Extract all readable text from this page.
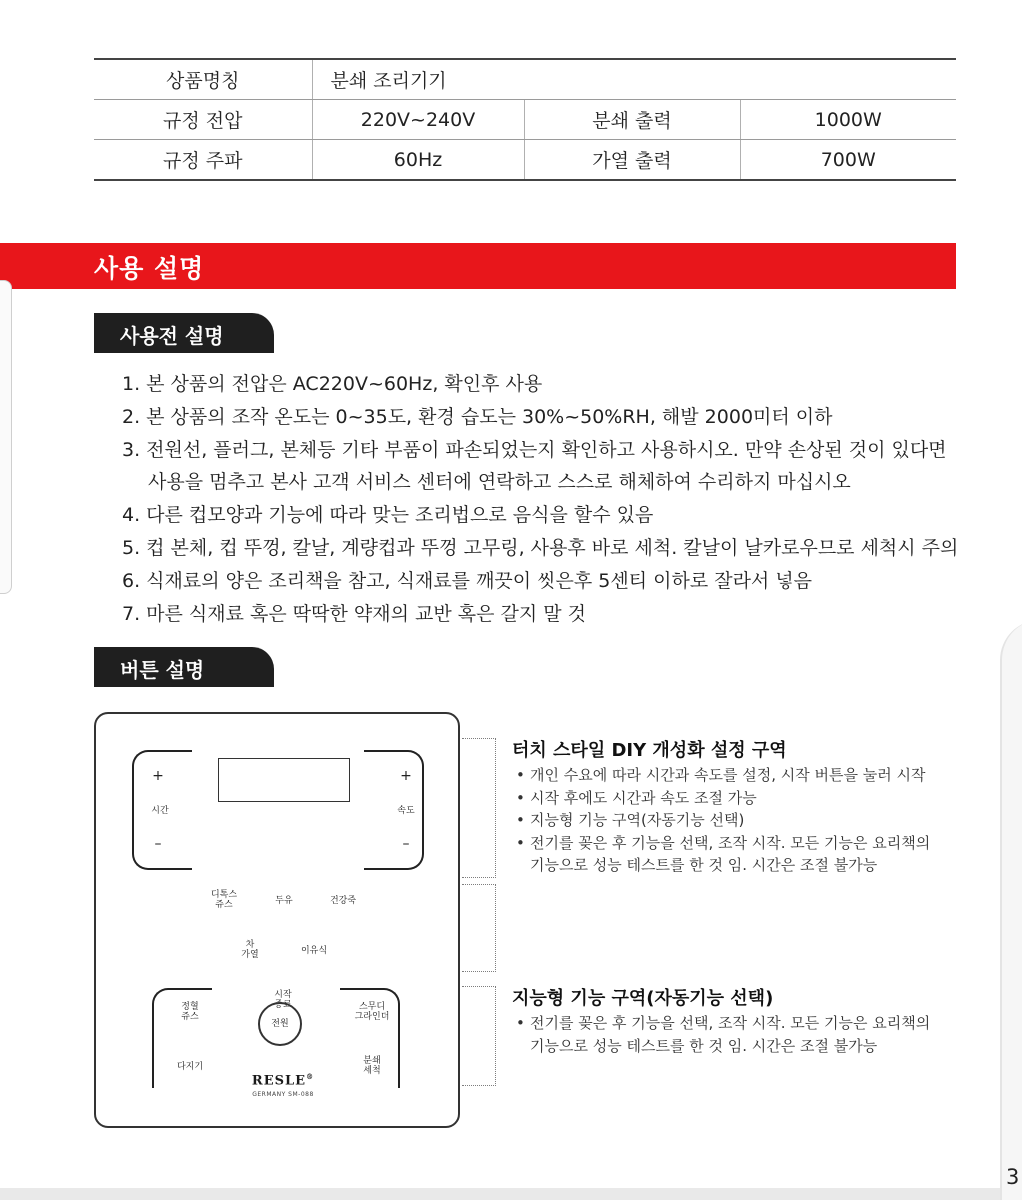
상품명칭	분쇄 조리기기		
규정 전압	220V~240V	분쇄 출력	1000W
규정 주파	60Hz	가열 출력	700W
사용 설명
사용전 설명
1. 본 상품의 전압은 AC220V~60Hz, 확인후 사용
2. 본 상품의 조작 온도는 0~35도, 환경 습도는 30%~50%RH, 해발 2000미터 이하
3. 전원선, 플러그, 본체등 기타 부품이 파손되었는지 확인하고 사용하시오. 만약 손상된 것이 있다면
사용을 멈추고 본사 고객 서비스 센터에 연락하고 스스로 해체하여 수리하지 마십시오
4. 다른 컵모양과 기능에 따라 맞는 조리법으로 음식을 할수 있음
5. 컵 본체, 컵 뚜껑, 칼날, 계량컵과 뚜껑 고무링, 사용후 바로 세척. 칼날이 날카로우므로 세척시 주의
6. 식재료의 양은 조리책을 참고, 식재료를 깨끗이 씻은후 5센티 이하로 잘라서 넣음
7. 마른 식재료 혹은 딱딱한 약재의 교반 혹은 갈지 말 것
버튼 설명
+
시간
–
+
속도
–
디톡스
쥬스	두유	건강죽
차
가열	이유식
시작
종료
정혈
쥬스
스무디
그라인더
다지기
전원
분쇄
세척
RESLE®
GERMANY SM-088
터치 스타일 DIY 개성화 설정 구역
• 개인 수요에 따라 시간과 속도를 설정, 시작 버튼을 눌러 시작
• 시작 후에도 시간과 속도 조절 가능
• 지능형 기능 구역(자동기능 선택)
• 전기를 꽂은 후 기능을 선택, 조작 시작. 모든 기능은 요리책의
기능으로 성능 테스트를 한 것 임. 시간은 조절 불가능
지능형 기능 구역(자동기능 선택)
• 전기를 꽂은 후 기능을 선택, 조작 시작. 모든 기능은 요리책의
기능으로 성능 테스트를 한 것 임. 시간은 조절 불가능
3
